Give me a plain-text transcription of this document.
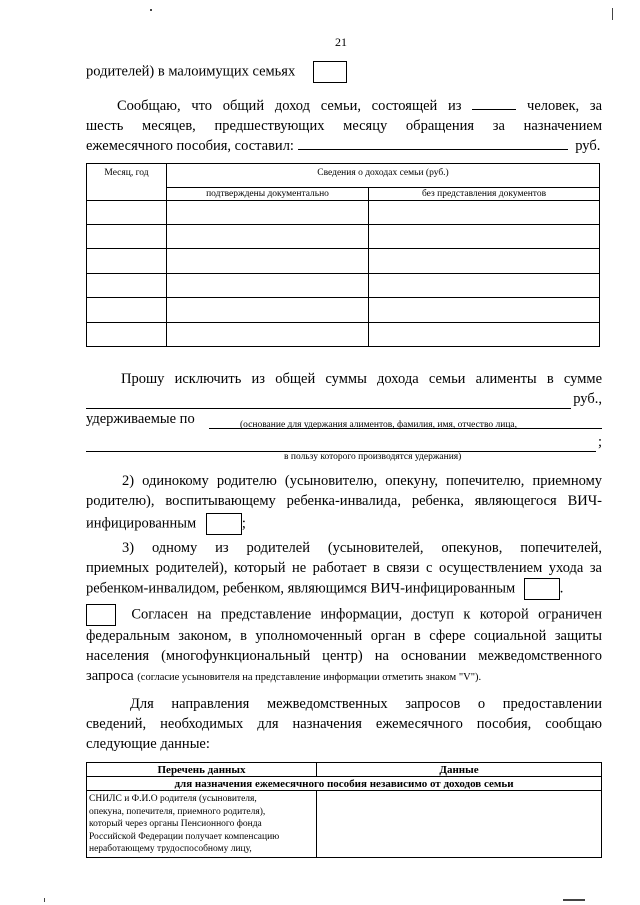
21
родителей) в малоимущих семьях
Сообщаю, что общий доход семьи, состоящей из	человек, за
шесть месяцев, предшествующих месяцу обращения за назначением
ежемесячного пособия, составил:	руб.
Месяц, год	Сведения о доходах семьи (руб.)	
	подтверждены документально	без представления документов

Прошу исключить из общей суммы дохода семьи алименты в сумме
руб.,
удерживаемые по	(основание для удержания алиментов, фамилия, имя, отчество лица,
;
в пользу которого производятся удержания)
2) одинокому родителю (усыновителю, опекуну, попечителю, приемному
родителю), воспитывающему ребенка-инвалида, ребенка, являющегося ВИЧ-
инфицированным	;
3) одному из родителей (усыновителей, опекунов, попечителей,
приемных родителей), который не работает в связи с осуществлением ухода за
ребенком-инвалидом, ребенком, являющимся ВИЧ-инфицированным	.
Согласен на представление информации, доступ к которой ограничен
федеральным законом, в уполномоченный орган в сфере социальной защиты
населения (многофункциональный центр) на основании межведомственного
запроса (согласие усыновителя на представление информации отметить знаком "V").
Для направления межведомственных запросов о предоставлении
сведений, необходимых для назначения ежемесячного пособия, сообщаю
следующие данные:
Перечень данных	Данные
для назначения ежемесячного пособия независимо от доходов семьи	

СНИЛС и Ф.И.О родителя (усыновителя,
опекуна, попечителя, приемного родителя),
который через органы Пенсионного фонда
Российской Федерации получает компенсацию
неработающему трудоспособному лицу,	
